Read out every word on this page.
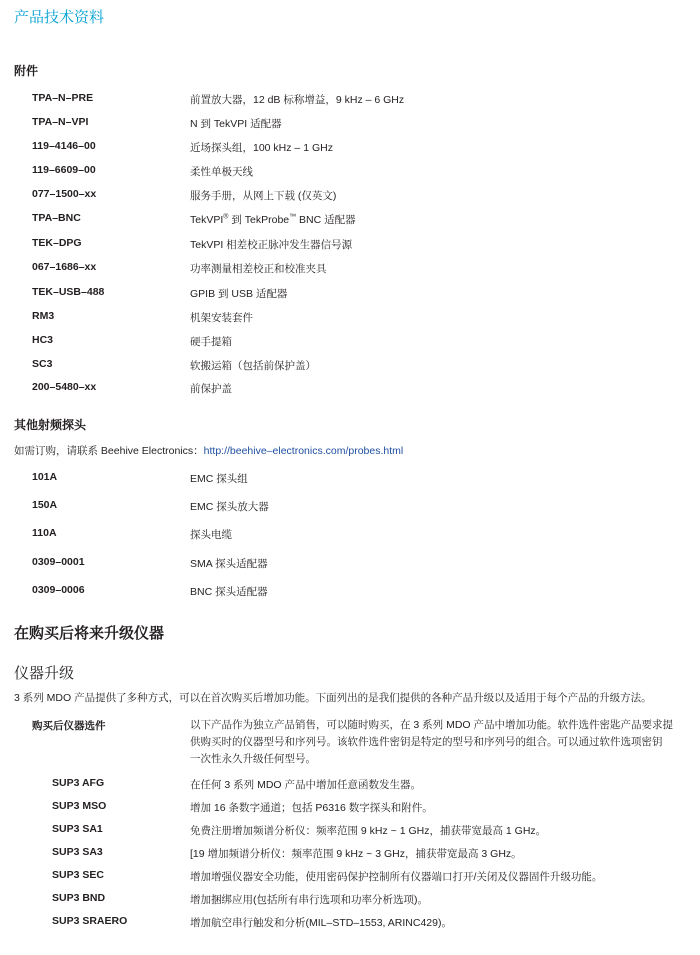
产品技术资料
附件
TPA–N–PRE	前置放大器，12 dB 标称增益，9 kHz – 6 GHz
TPA–N–VPI	N 到 TekVPI 适配器
119–4146–00	近场探头组，100 kHz – 1 GHz
119–6609–00	柔性单极天线
077–1500–xx	服务手册，从网上下载 (仅英文)
TPA–BNC	TekVPI® 到 TekProbe™ BNC 适配器
TEK–DPG	TekVPI 相差校正脉冲发生器信号源
067–1686–xx	功率测量相差校正和校准夹具
TEK–USB–488	GPIB 到 USB 适配器
RM3	机架安装套件
HC3	硬手提箱
SC3	软搬运箱（包括前保护盖）
200–5480–xx	前保护盖
其他射频探头
如需订购，请联系 Beehive Electronics：http://beehive–electronics.com/probes.html
101A	EMC 探头组
150A	EMC 探头放大器
110A	探头电缆
0309–0001	SMA 探头适配器
0309–0006	BNC 探头适配器
在购买后将来升级仪器
仪器升级
3 系列 MDO 产品提供了多种方式，可以在首次购买后增加功能。下面列出的是我们提供的各种产品升级以及适用于每个产品的升级方法。
购买后仪器选件	以下产品作为独立产品销售，可以随时购买，在 3 系列 MDO 产品中增加功能。软件选件密匙产品要求提
供购买时的仪器型号和序列号。该软件选件密钥是特定的型号和序列号的组合。可以通过软件选项密钥
一次性永久升级任何型号。
SUP3 AFG	在任何 3 系列 MDO 产品中增加任意函数发生器。
SUP3 MSO	增加 16 条数字通道；包括 P6316 数字探头和附件。
SUP3 SA1	免费注册增加频谱分析仪：频率范围 9 kHz ~ 1 GHz，捕获带宽最高 1 GHz。
SUP3 SA3	[19 增加频谱分析仪：频率范围 9 kHz ~ 3 GHz，捕获带宽最高 3 GHz。
SUP3 SEC	增加增强仪器安全功能，使用密码保护控制所有仪器端口打开/关闭及仪器固件升级功能。
SUP3 BND	增加捆绑应用(包括所有串行选项和功率分析选项)。
SUP3 SRAERO	增加航空串行触发和分析(MIL–STD–1553, ARINC429)。
